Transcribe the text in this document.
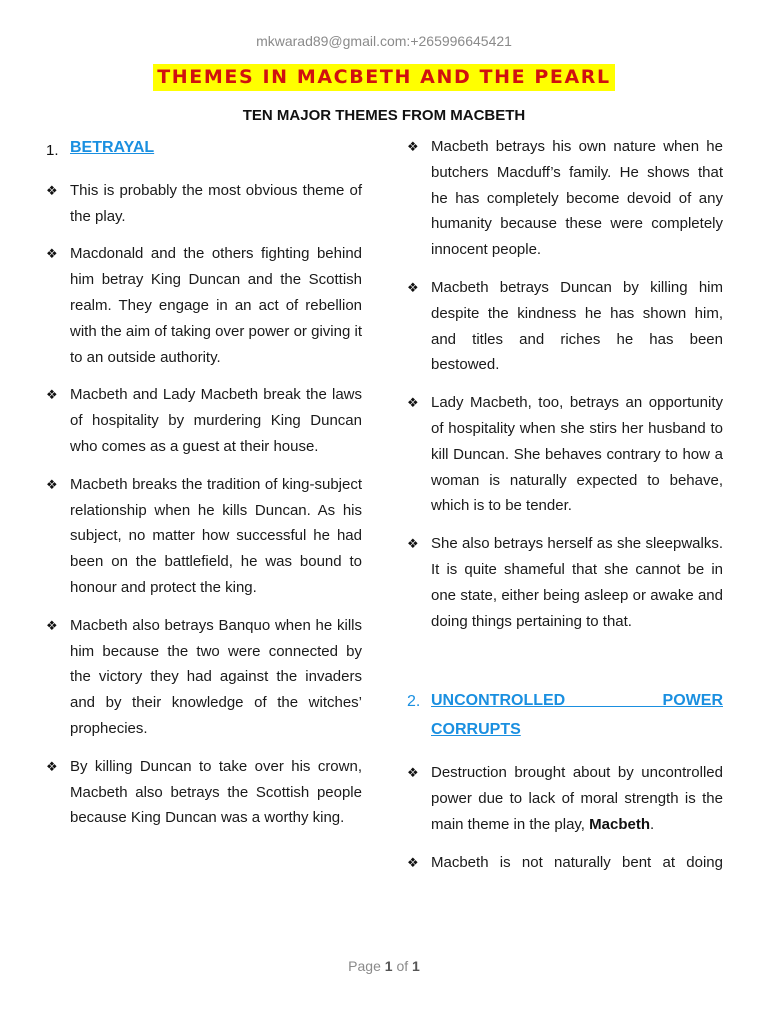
mkwarad89@gmail.com:+265996645421
THEMES IN MACBETH AND THE PEARL
TEN MAJOR THEMES FROM MACBETH
1. BETRAYAL
❖ This is probably the most obvious theme of the play.
❖ Macdonald and the others fighting behind him betray King Duncan and the Scottish realm. They engage in an act of rebellion with the aim of taking over power or giving it to an outside authority.
❖ Macbeth and Lady Macbeth break the laws of hospitality by murdering King Duncan who comes as a guest at their house.
❖ Macbeth breaks the tradition of king-subject relationship when he kills Duncan. As his subject, no matter how successful he had been on the battlefield, he was bound to honour and protect the king.
❖ Macbeth also betrays Banquo when he kills him because the two were connected by the victory they had against the invaders and by their knowledge of the witches’ prophecies.
❖ By killing Duncan to take over his crown, Macbeth also betrays the Scottish people because King Duncan was a worthy king.
❖ Macbeth betrays his own nature when he butchers Macduff’s family. He shows that he has completely become devoid of any humanity because these were completely innocent people.
❖ Macbeth betrays Duncan by killing him despite the kindness he has shown him, and titles and riches he has been bestowed.
❖ Lady Macbeth, too, betrays an opportunity of hospitality when she stirs her husband to kill Duncan. She behaves contrary to how a woman is naturally expected to behave, which is to be tender.
❖ She also betrays herself as she sleepwalks. It is quite shameful that she cannot be in one state, either being asleep or awake and doing things pertaining to that.
2. UNCONTROLLED POWER
CORRUPTS
❖ Destruction brought about by uncontrolled power due to lack of moral strength is the main theme in the play, Macbeth.
❖ Macbeth is not naturally bent at doing
Page 1 of 1
